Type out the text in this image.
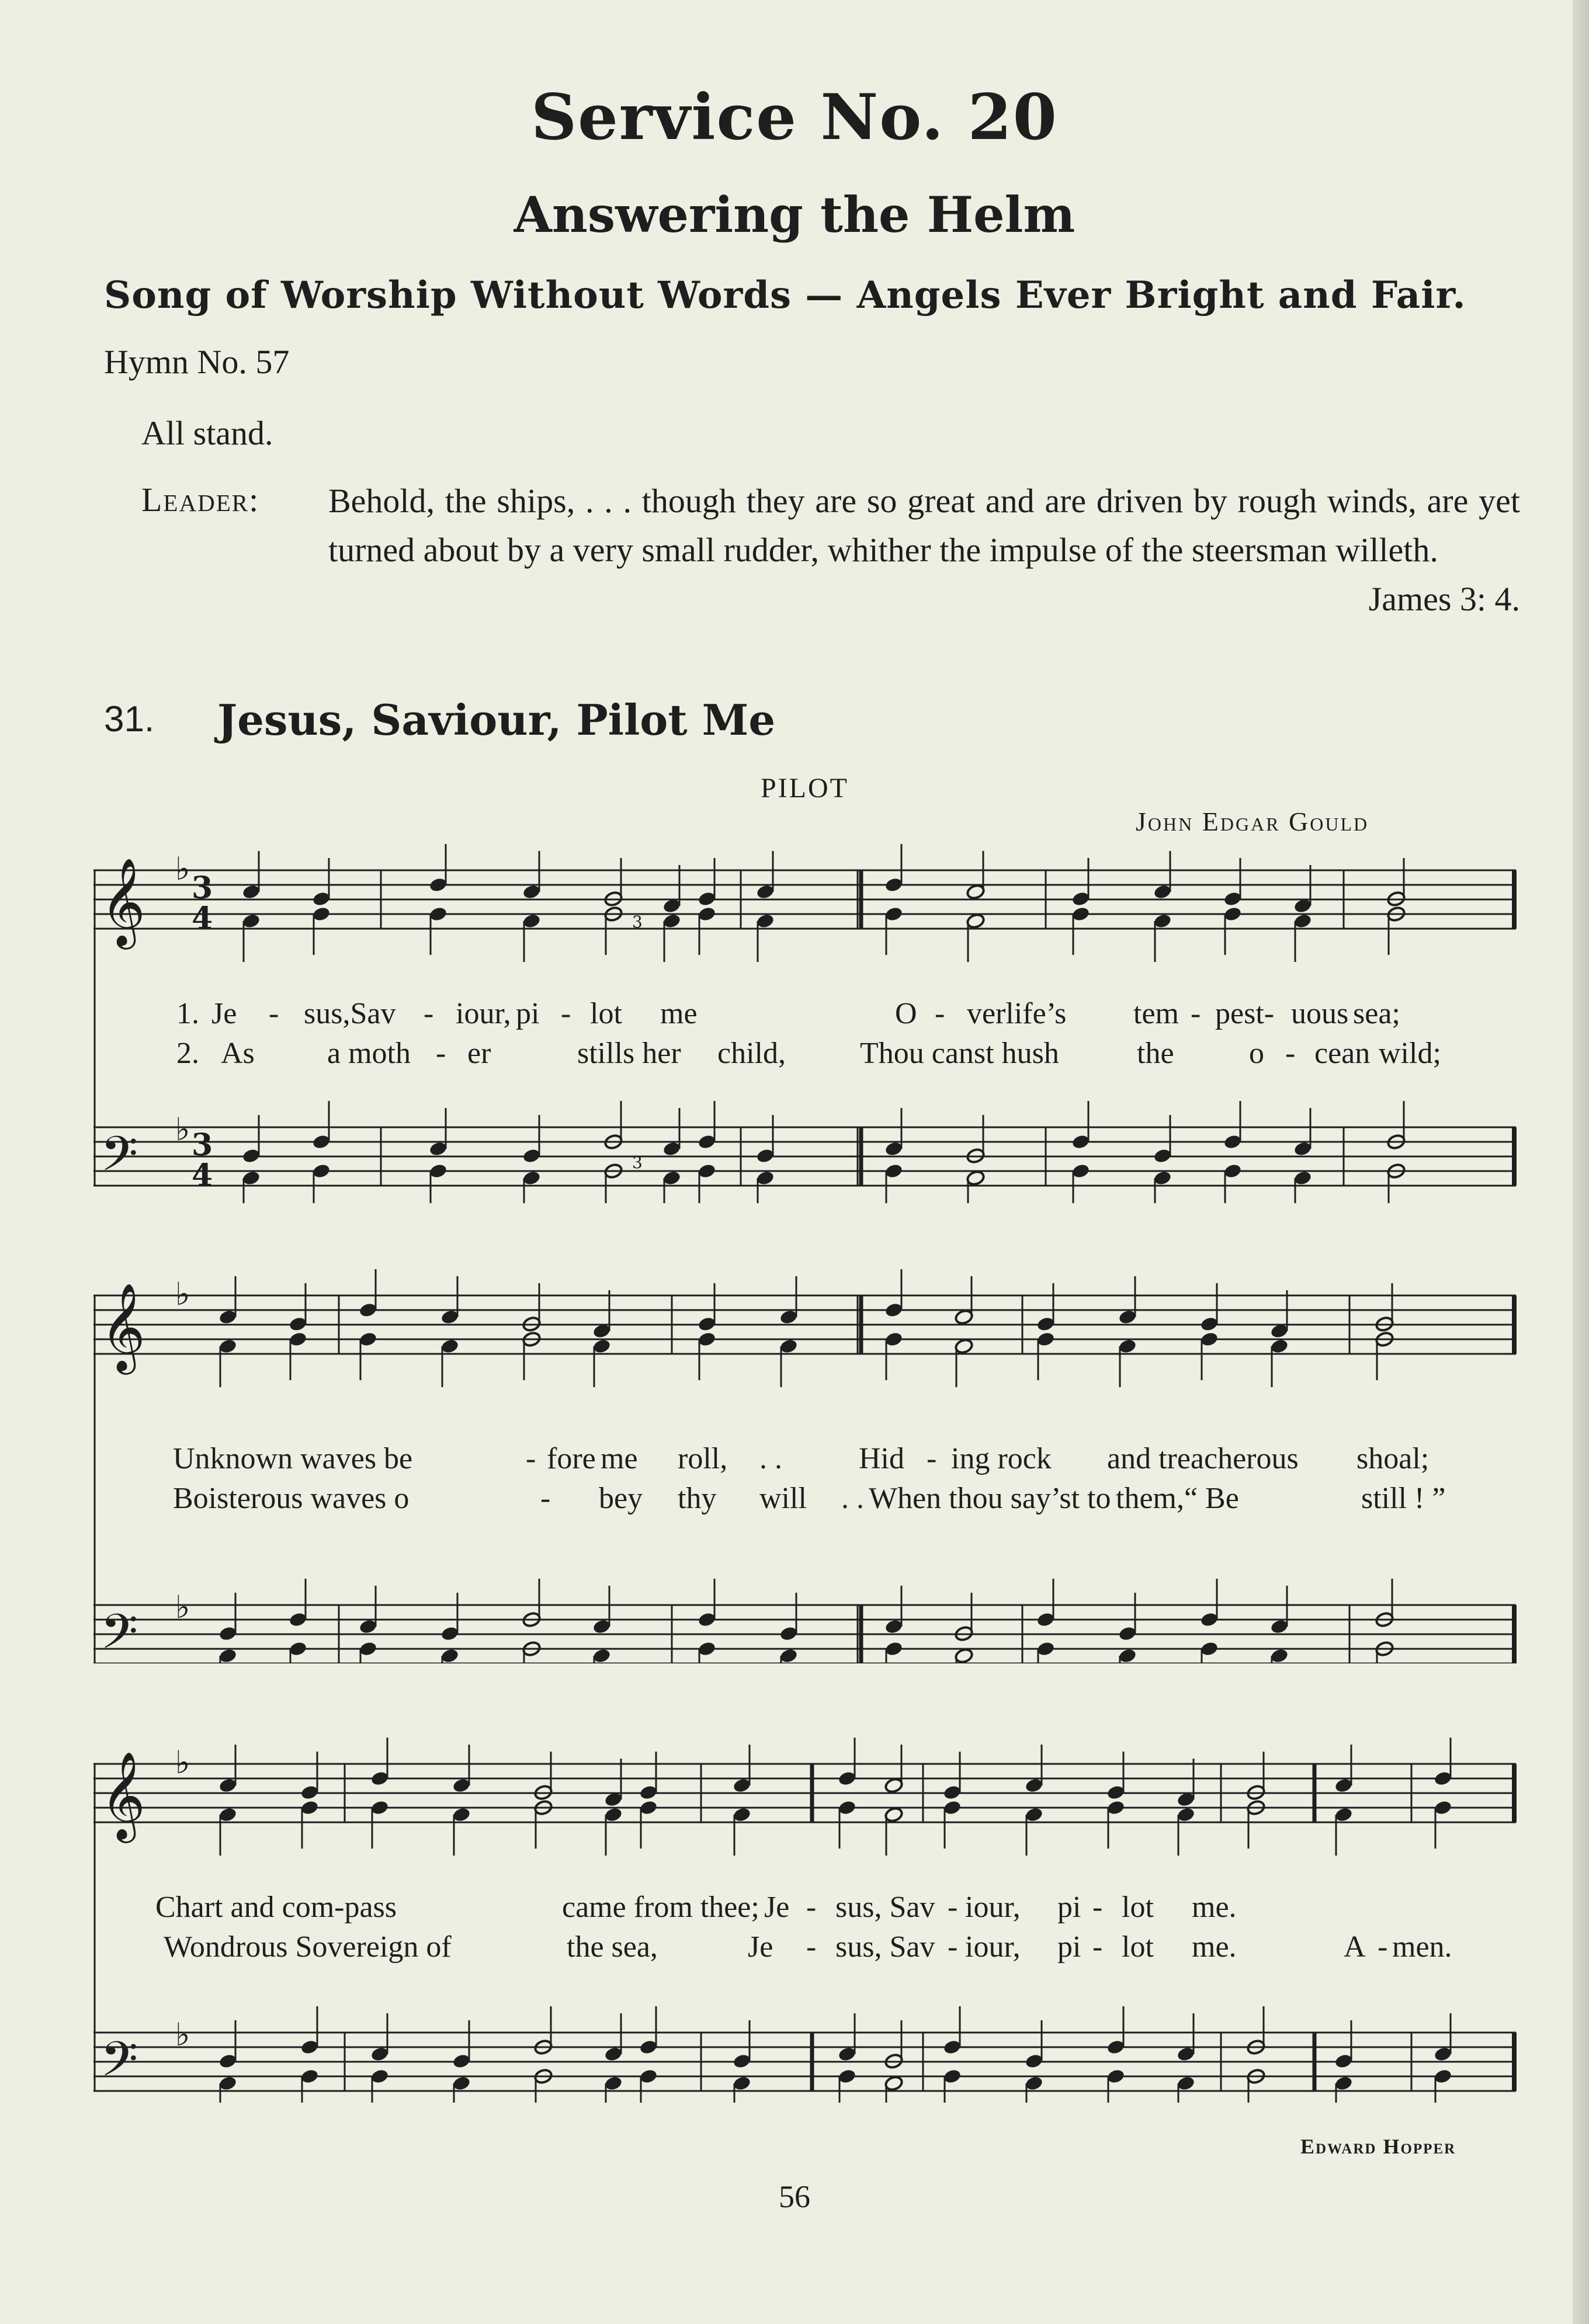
Service No. 20
Answering the Helm
Song of Worship Without Words — Angels Ever Bright and Fair.
Hymn No. 57
All stand.
Leader: Behold, the ships, . . . though they are so great and are driven by rough winds, are yet turned about by a very small rudder, whither the impulse of the steersman willeth.
James 3: 4.
31. Jesus, Saviour, Pilot Me
PILOT
John Edgar Gould
𝄞
𝄢
♭
♭
3
4
3
4
3
3
1.
2.
Je - sus,Sav - iour, pi - lot me	O - verlife’s tem - pest- uous sea;
As a moth - er	stills her child, Thou canst hush	the o - cean wild;
𝄞
𝄢
♭
♭
Unknown waves be	- fore me roll, . .	Hid - ing rock and treacherous shoal;
Boisterous waves o	- bey thy will . . When thou say’st to them,“ Be	still ! ”
𝄞
𝄢
♭
♭
Chart and com-pass	came from thee; Je - sus, Sav - iour, pi - lot me.
Wondrous Sovereign of	the sea,	Je - sus, Sav - iour, pi - lot me.	A - men.
Edward Hopper
56
